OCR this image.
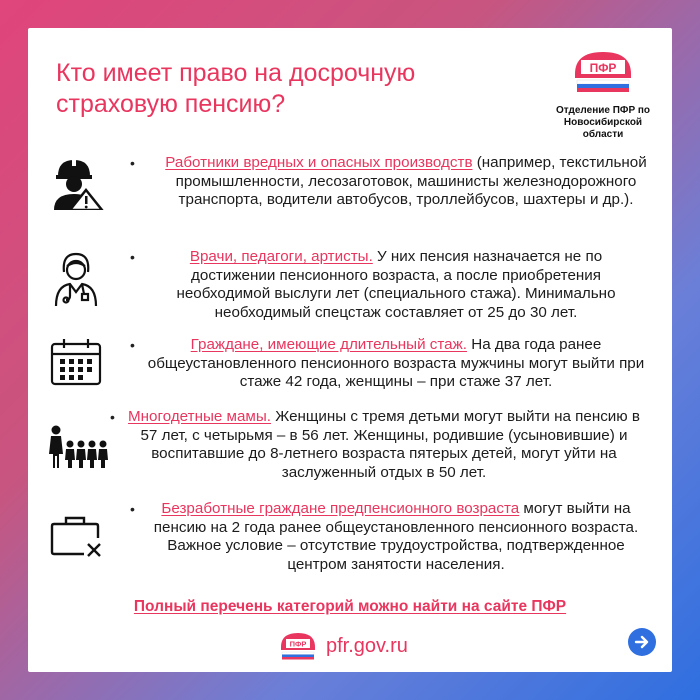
Кто имеет право на досрочную страховую пенсию?
ПФР
Отделение ПФР по Новосибирской области
•	Работники вредных и опасных производств (например, текстильной промышленности, лесозаготовок, машинисты железнодорожного транспорта, водители автобусов, троллейбусов, шахтеры и др.).
•	Врачи, педагоги, артисты. У них пенсия назначается не по достижении пенсионного возраста, а после приобретения необходимой выслуги лет (специального стажа). Минимально необходимый спецстаж составляет от 25 до 30 лет.
•	Граждане, имеющие длительный стаж. На два года ранее общеустановленного пенсионного возраста мужчины могут выйти при стаже 42 года, женщины – при стаже 37 лет.
• Многодетные мамы. Женщины с тремя детьми могут выйти на пенсию в 57 лет, с четырьмя – в 56 лет. Женщины, родившие (усыновившие) и воспитавшие до 8-летнего возраста пятерых детей, могут уйти на заслуженный отдых в 50 лет.
•	Безработные граждане предпенсионного возраста могут выйти на пенсию на 2 года ранее общеустановленного пенсионного возраста. Важное условие – отсутствие трудоустройства, подтвержденное центром занятости населения.
Полный перечень категорий можно найти на сайте ПФР
ПФР pfr.gov.ru
